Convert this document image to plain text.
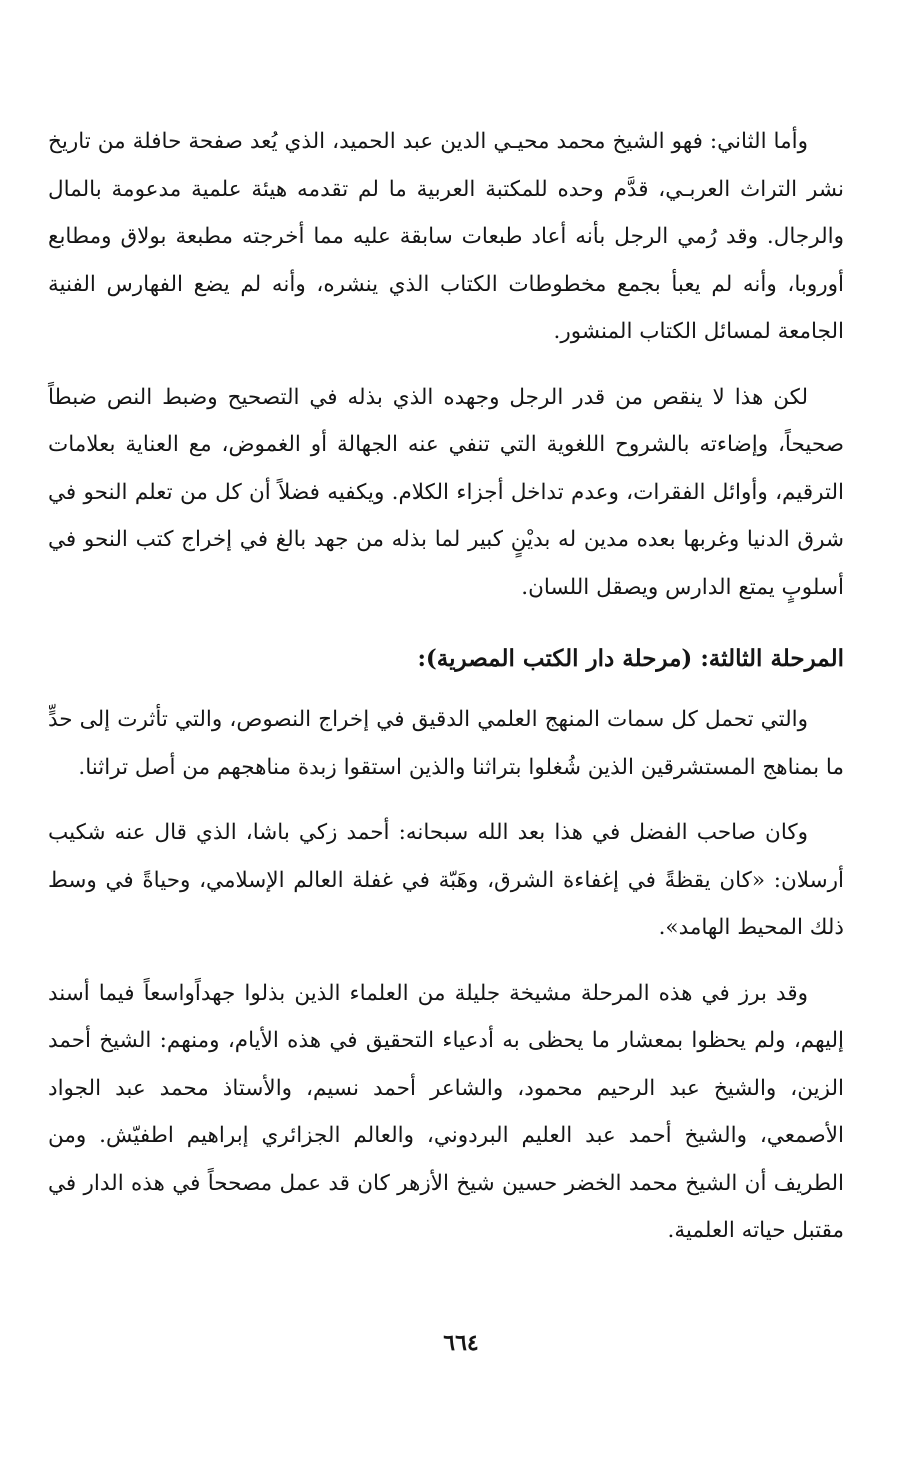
وأما الثاني: فهو الشيخ محمد محيـي الدين عبد الحميد، الذي يُعد صفحة حافلة من تاريخ نشر التراث العربـي، قدَّم وحده للمكتبة العربية ما لم تقدمه هيئة علمية مدعومة بالمال والرجال. وقد رُمي الرجل بأنه أعاد طبعات سابقة عليه مما أخرجته مطبعة بولاق ومطابع أوروبا، وأنه لم يعبأ بجمع مخطوطات الكتاب الذي ينشره، وأنه لم يضع الفهارس الفنية الجامعة لمسائل الكتاب المنشور.

لكن هذا لا ينقص من قدر الرجل وجهده الذي بذله في التصحيح وضبط النص ضبطاً صحيحاً، وإضاءته بالشروح اللغوية التي تنفي عنه الجهالة أو الغموض، مع العناية بعلامات الترقيم، وأوائل الفقرات، وعدم تداخل أجزاء الكلام. ويكفيه فضلاً أن كل من تعلم النحو في شرق الدنيا وغربها بعده مدين له بديْنٍ كبير لما بذله من جهد بالغ في إخراج كتب النحو في أسلوبٍ يمتع الدارس ويصقل اللسان.

المرحلة الثالثة: (مرحلة دار الكتب المصرية):

والتي تحمل كل سمات المنهج العلمي الدقيق في إخراج النصوص، والتي تأثرت إلى حدٍّ ما بمناهج المستشرقين الذين شُغلوا بتراثنا والذين استقوا زبدة مناهجهم من أصل تراثنا.

وكان صاحب الفضل في هذا بعد الله سبحانه: أحمد زكي باشا، الذي قال عنه شكيب أرسلان: «كان يقظةً في إغفاءة الشرق، وهَبّة في غفلة العالم الإسلامي، وحياةً في وسط ذلك المحيط الهامد».

وقد برز في هذه المرحلة مشيخة جليلة من العلماء الذين بذلوا جهداًواسعاً فيما أسند إليهم، ولم يحظوا بمعشار ما يحظى به أدعياء التحقيق في هذه الأيام، ومنهم: الشيخ أحمد الزين، والشيخ عبد الرحيم محمود، والشاعر أحمد نسيم، والأستاذ محمد عبد الجواد الأصمعي، والشيخ أحمد عبد العليم البردوني، والعالم الجزائري إبراهيم اطفيّش. ومن الطريف أن الشيخ محمد الخضر حسين شيخ الأزهر كان قد عمل مصححاً في هذه الدار في مقتبل حياته العلمية.

٦٦٤
